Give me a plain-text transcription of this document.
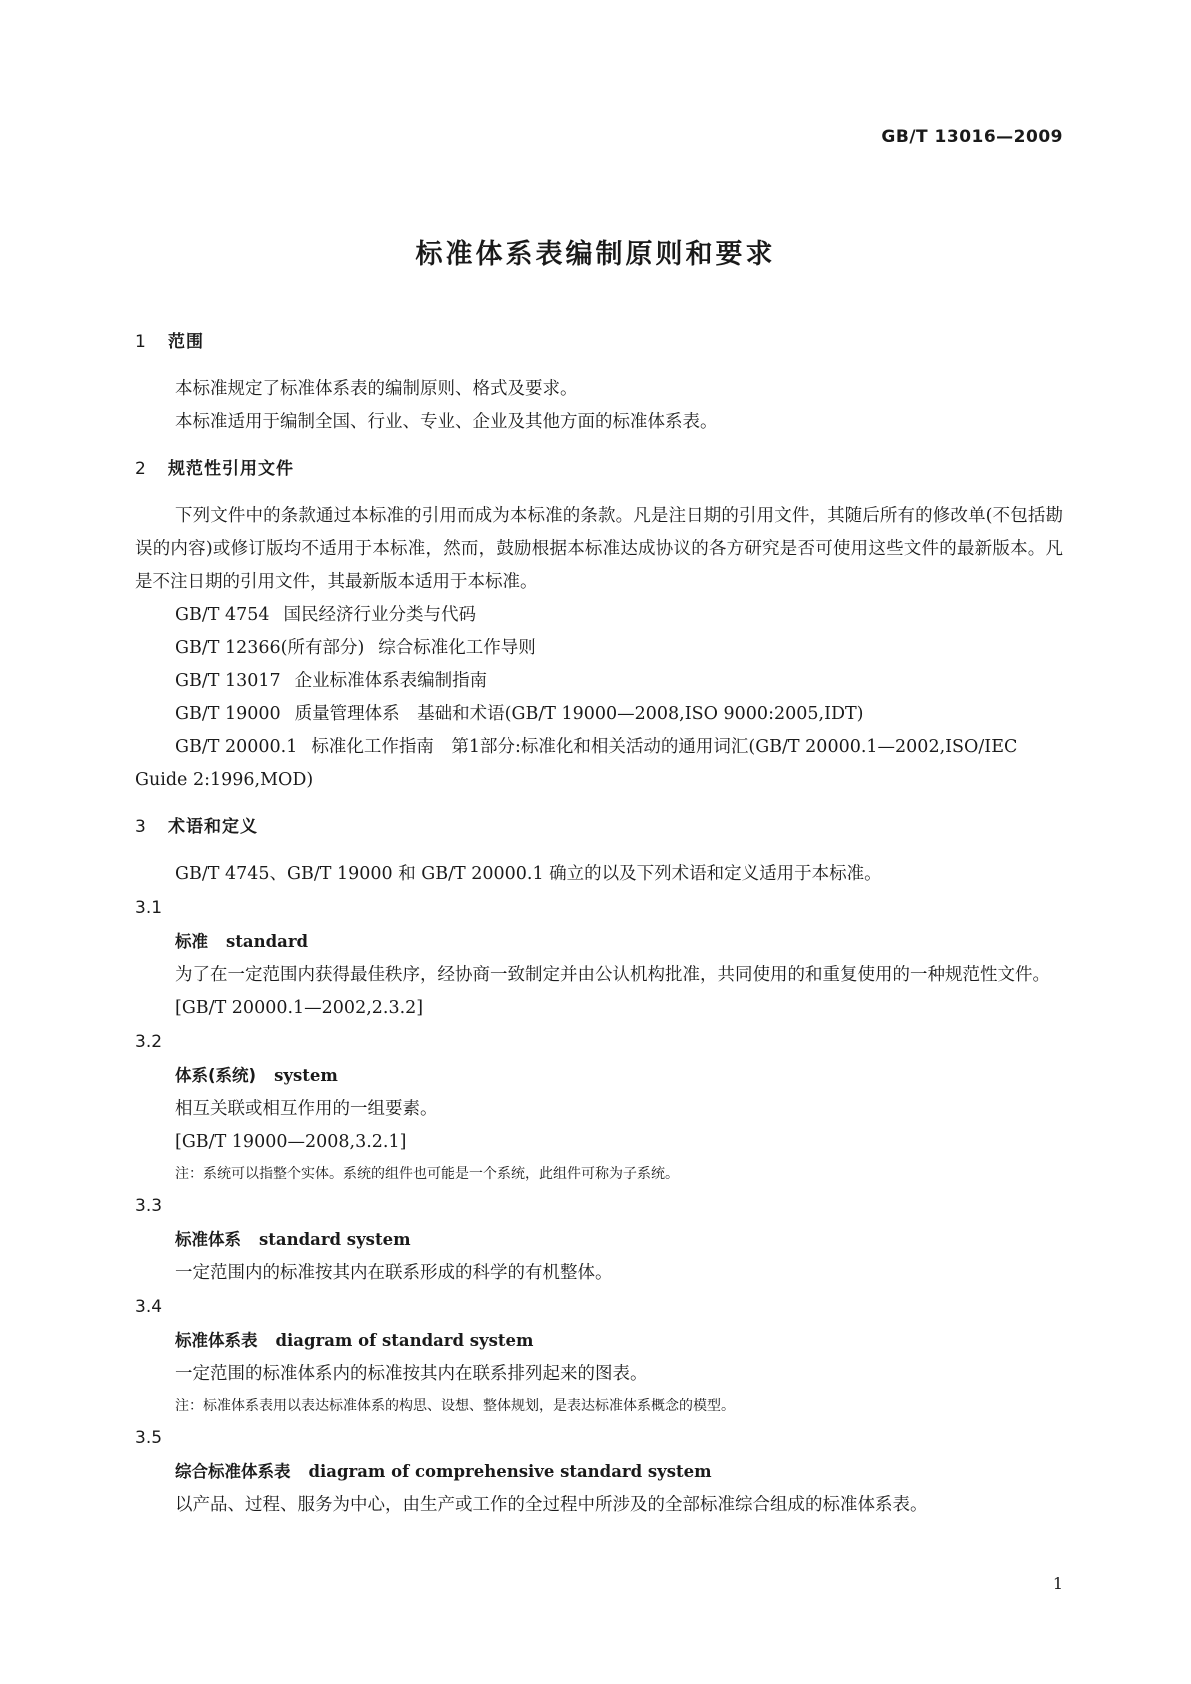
GB/T 13016—2009
标准体系表编制原则和要求
1 范围

本标准规定了标准体系表的编制原则、格式及要求。

本标准适用于编制全国、行业、专业、企业及其他方面的标准体系表。

2 规范性引用文件

下列文件中的条款通过本标准的引用而成为本标准的条款。凡是注日期的引用文件，其随后所有的修改单(不包括勘误的内容)或修订版均不适用于本标准，然而，鼓励根据本标准达成协议的各方研究是否可使用这些文件的最新版本。凡是不注日期的引用文件，其最新版本适用于本标准。

GB/T 4754 国民经济行业分类与代码

GB/T 12366(所有部分) 综合标准化工作导则

GB/T 13017 企业标准体系表编制指南

GB/T 19000 质量管理体系　基础和术语(GB/T 19000—2008,ISO 9000:2005,IDT)

GB/T 20000.1 标准化工作指南　第1部分:标准化和相关活动的通用词汇(GB/T 20000.1—2002,ISO/IEC Guide 2:1996,MOD)

3 术语和定义

GB/T 4745、GB/T 19000 和 GB/T 20000.1 确立的以及下列术语和定义适用于本标准。

3.1
标准 standard

为了在一定范围内获得最佳秩序，经协商一致制定并由公认机构批准，共同使用的和重复使用的一种规范性文件。

[GB/T 20000.1—2002,2.3.2]

3.2
体系(系统) system

相互关联或相互作用的一组要素。

[GB/T 19000—2008,3.2.1]

注：系统可以指整个实体。系统的组件也可能是一个系统，此组件可称为子系统。

3.3
标准体系 standard system

一定范围内的标准按其内在联系形成的科学的有机整体。

3.4
标准体系表 diagram of standard system

一定范围的标准体系内的标准按其内在联系排列起来的图表。

注：标准体系表用以表达标准体系的构思、设想、整体规划，是表达标准体系概念的模型。

3.5
综合标准体系表 diagram of comprehensive standard system

以产品、过程、服务为中心，由生产或工作的全过程中所涉及的全部标准综合组成的标准体系表。

1
